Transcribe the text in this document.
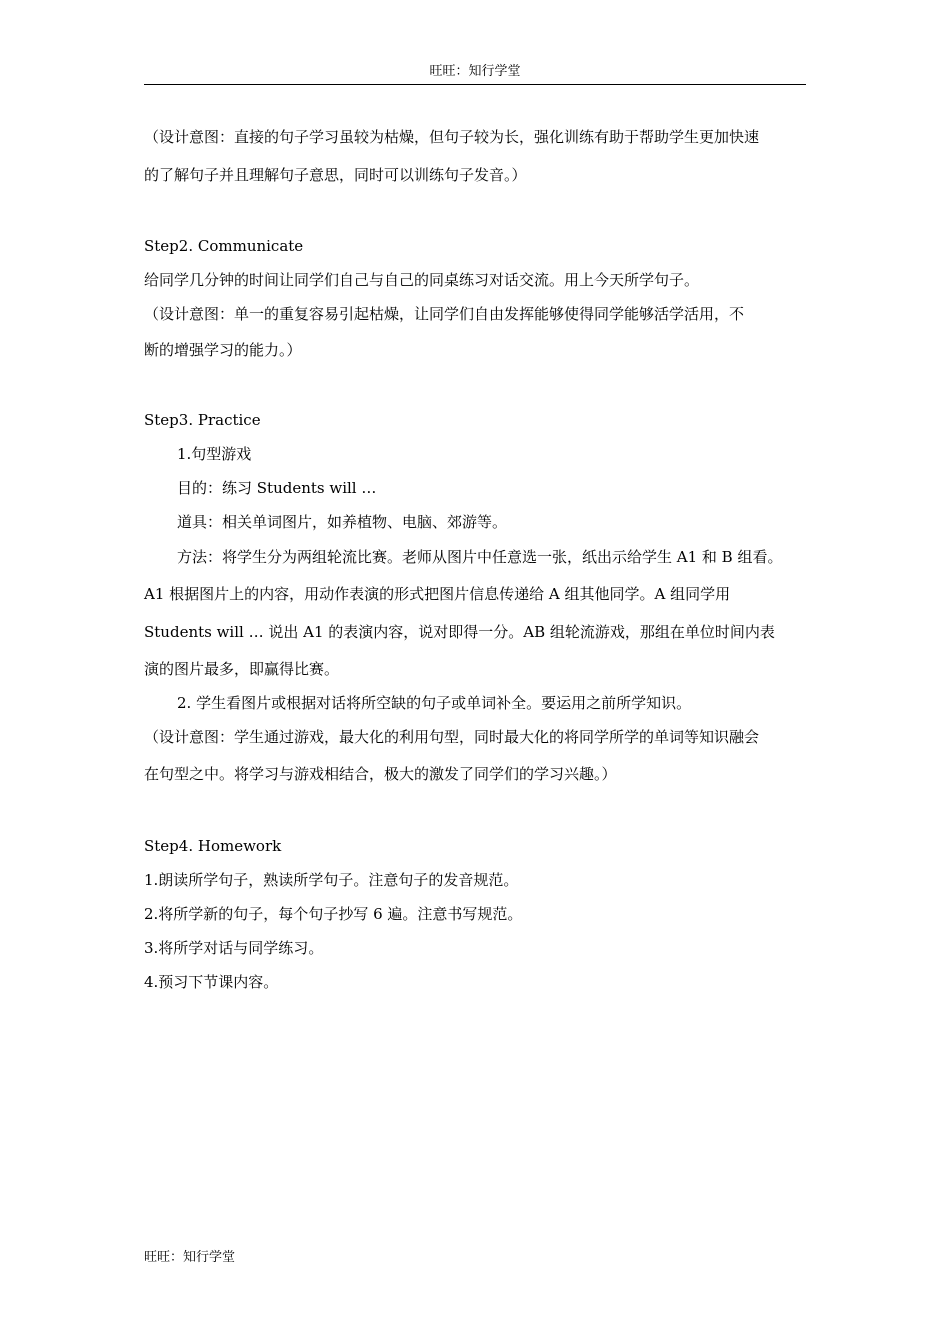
旺旺：知行学堂

（设计意图：直接的句子学习虽较为枯燥，但句子较为长，强化训练有助于帮助学生更加快速

的了解句子并且理解句子意思，同时可以训练句子发音。）

Step2. Communicate

给同学几分钟的时间让同学们自己与自己的同桌练习对话交流。用上今天所学句子。

（设计意图：单一的重复容易引起枯燥，让同学们自由发挥能够使得同学能够活学活用，不

断的增强学习的能力。）

Step3. Practice

1.句型游戏

目的：练习 Students will …

道具：相关单词图片，如养植物、电脑、郊游等。

方法：将学生分为两组轮流比赛。老师从图片中任意选一张，纸出示给学生 A1 和 B 组看。

A1 根据图片上的内容，用动作表演的形式把图片信息传递给 A 组其他同学。A 组同学用

Students will … 说出 A1 的表演内容，说对即得一分。AB 组轮流游戏，那组在单位时间内表

演的图片最多，即赢得比赛。

2. 学生看图片或根据对话将所空缺的句子或单词补全。要运用之前所学知识。

（设计意图：学生通过游戏，最大化的利用句型，同时最大化的将同学所学的单词等知识融会

在句型之中。将学习与游戏相结合，极大的激发了同学们的学习兴趣。）

Step4. Homework

1.朗读所学句子，熟读所学句子。注意句子的发音规范。

2.将所学新的句子，每个句子抄写 6 遍。注意书写规范。

3.将所学对话与同学练习。

4.预习下节课内容。

旺旺：知行学堂
